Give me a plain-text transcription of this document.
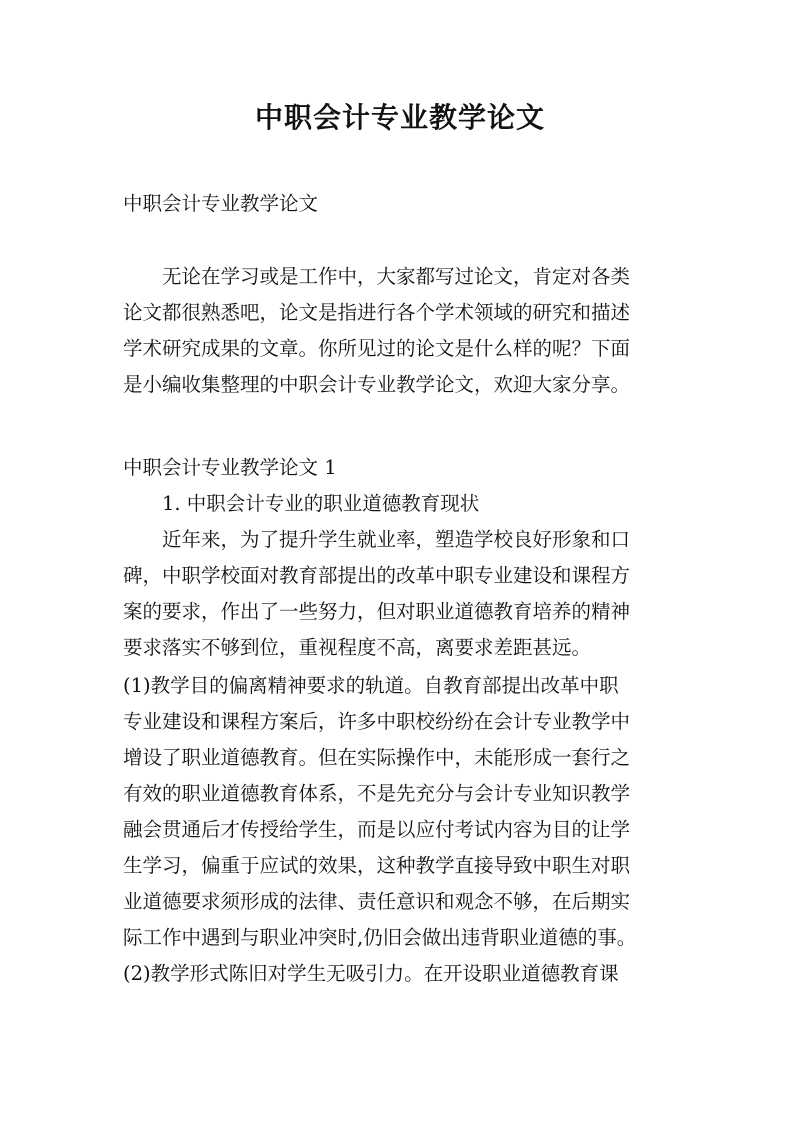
中职会计专业教学论文
中职会计专业教学论文
无论在学习或是工作中，大家都写过论文，肯定对各类
论文都很熟悉吧，论文是指进行各个学术领域的研究和描述
学术研究成果的文章。你所见过的论文是什么样的呢？下面
是小编收集整理的中职会计专业教学论文，欢迎大家分享。
中职会计专业教学论文 1
1. 中职会计专业的职业道德教育现状
近年来，为了提升学生就业率，塑造学校良好形象和口
碑，中职学校面对教育部提出的改革中职专业建设和课程方
案的要求，作出了一些努力，但对职业道德教育培养的精神
要求落实不够到位，重视程度不高，离要求差距甚远。
(1)教学目的偏离精神要求的轨道。自教育部提出改革中职
专业建设和课程方案后，许多中职校纷纷在会计专业教学中
增设了职业道德教育。但在实际操作中，未能形成一套行之
有效的职业道德教育体系，不是先充分与会计专业知识教学
融会贯通后才传授给学生，而是以应付考试内容为目的让学
生学习，偏重于应试的效果，这种教学直接导致中职生对职
业道德要求须形成的法律、责任意识和观念不够，在后期实
际工作中遇到与职业冲突时,仍旧会做出违背职业道德的事。
(2)教学形式陈旧对学生无吸引力。在开设职业道德教育课
